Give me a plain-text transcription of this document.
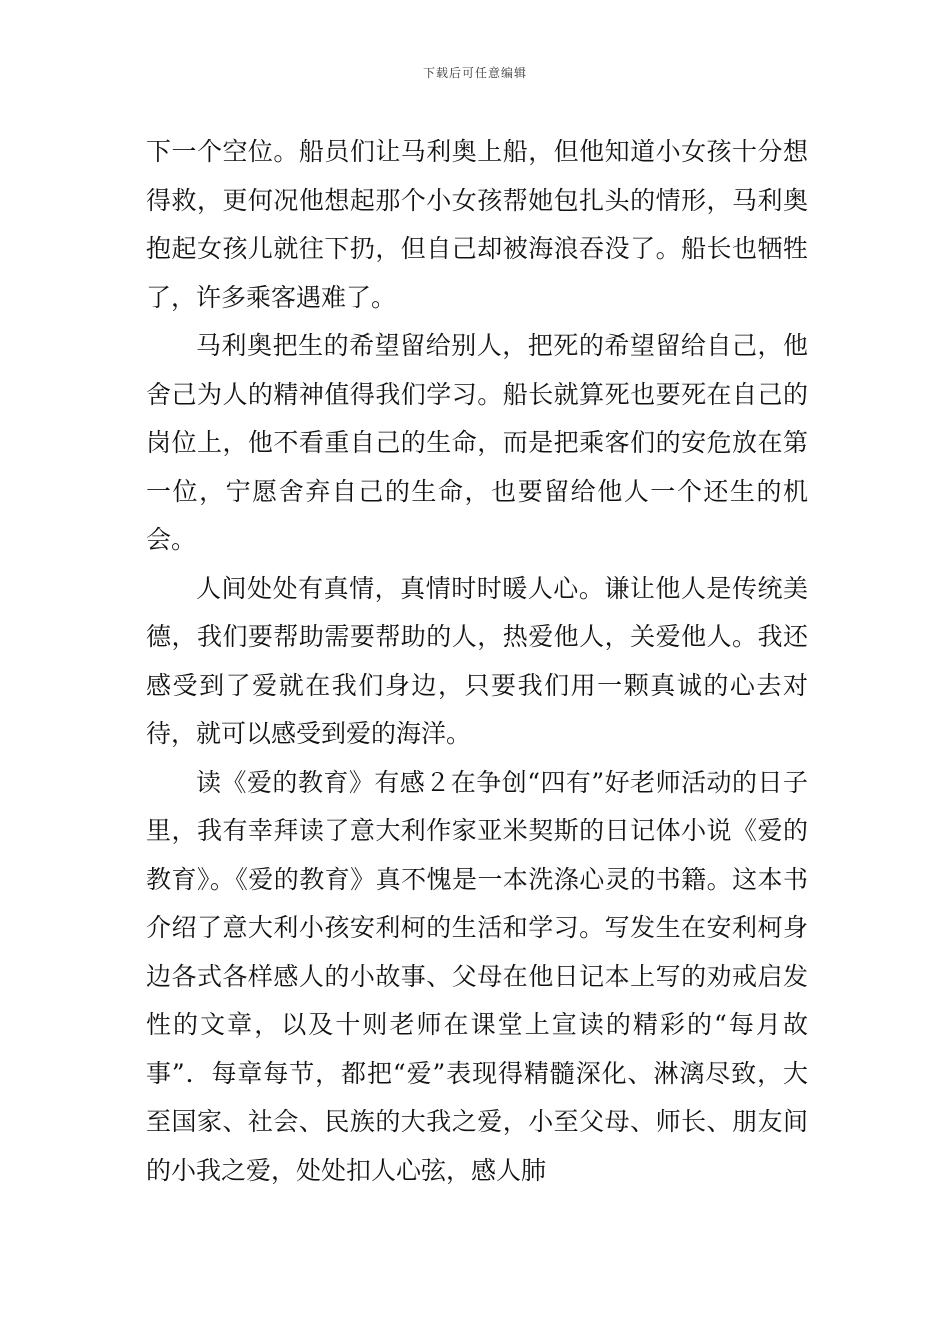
下载后可任意编辑

下一个空位。船员们让马利奥上船，但他知道小女孩十分想得救，更何况他想起那个小女孩帮她包扎头的情形，马利奥抱起女孩儿就往下扔，但自己却被海浪吞没了。船长也牺牲了，许多乘客遇难了。

马利奥把生的希望留给别人，把死的希望留给自己，他舍己为人的精神值得我们学习。船长就算死也要死在自己的岗位上，他不看重自己的生命，而是把乘客们的安危放在第一位，宁愿舍弃自己的生命，也要留给他人一个还生的机会。

人间处处有真情，真情时时暖人心。谦让他人是传统美德，我们要帮助需要帮助的人，热爱他人，关爱他人。我还感受到了爱就在我们身边，只要我们用一颗真诚的心去对待，就可以感受到爱的海洋。

读《爱的教育》有感２在争创“四有”好老师活动的日子里，我有幸拜读了意大利作家亚米契斯的日记体小说《爱的教育》。《爱的教育》真不愧是一本洗涤心灵的书籍。这本书介绍了意大利小孩安利柯的生活和学习。写发生在安利柯身边各式各样感人的小故事、父母在他日记本上写的劝戒启发性的文章，以及十则老师在课堂上宣读的精彩的“每月故事”．每章每节，都把“爱”表现得精髓深化、淋漓尽致，大至国家、社会、民族的大我之爱，小至父母、师长、朋友间的小我之爱，处处扣人心弦，感人肺
